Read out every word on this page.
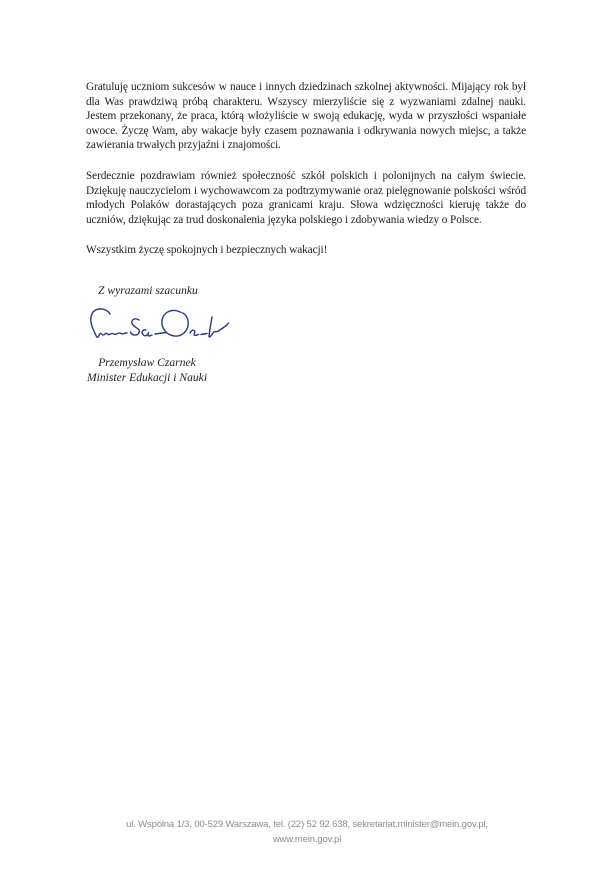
Gratuluję uczniom sukcesów w nauce i innych dziedzinach szkolnej aktywności. Mijający rok był dla Was prawdziwą próbą charakteru. Wszyscy mierzyliście się z wyzwaniami zdalnej nauki. Jestem przekonany, że praca, którą włożyliście w swoją edukację, wyda w przyszłości wspaniałe owoce. Życzę Wam, aby wakacje były czasem poznawania i odkrywania nowych miejsc, a także zawierania trwałych przyjaźni i znajomości.

Serdecznie pozdrawiam również społeczność szkół polskich i polonijnych na całym świecie. Dziękuję nauczycielom i wychowawcom za podtrzymywanie oraz pielęgnowanie polskości wśród młodych Polaków dorastających poza granicami kraju. Słowa wdzięczności kieruję także do uczniów, dziękując za trud doskonalenia języka polskiego i zdobywania wiedzy o Polsce.

Wszystkim życzę spokojnych i bezpiecznych wakacji!

Z wyrazami szacunku

Przemysław Czarnek
Minister Edukacji i Nauki
ul. Wspólna 1/3, 00-529 Warszawa, tel. (22) 52 92 638, sekretariat.minister@mein.gov.pl,
www.mein.gov.pl
